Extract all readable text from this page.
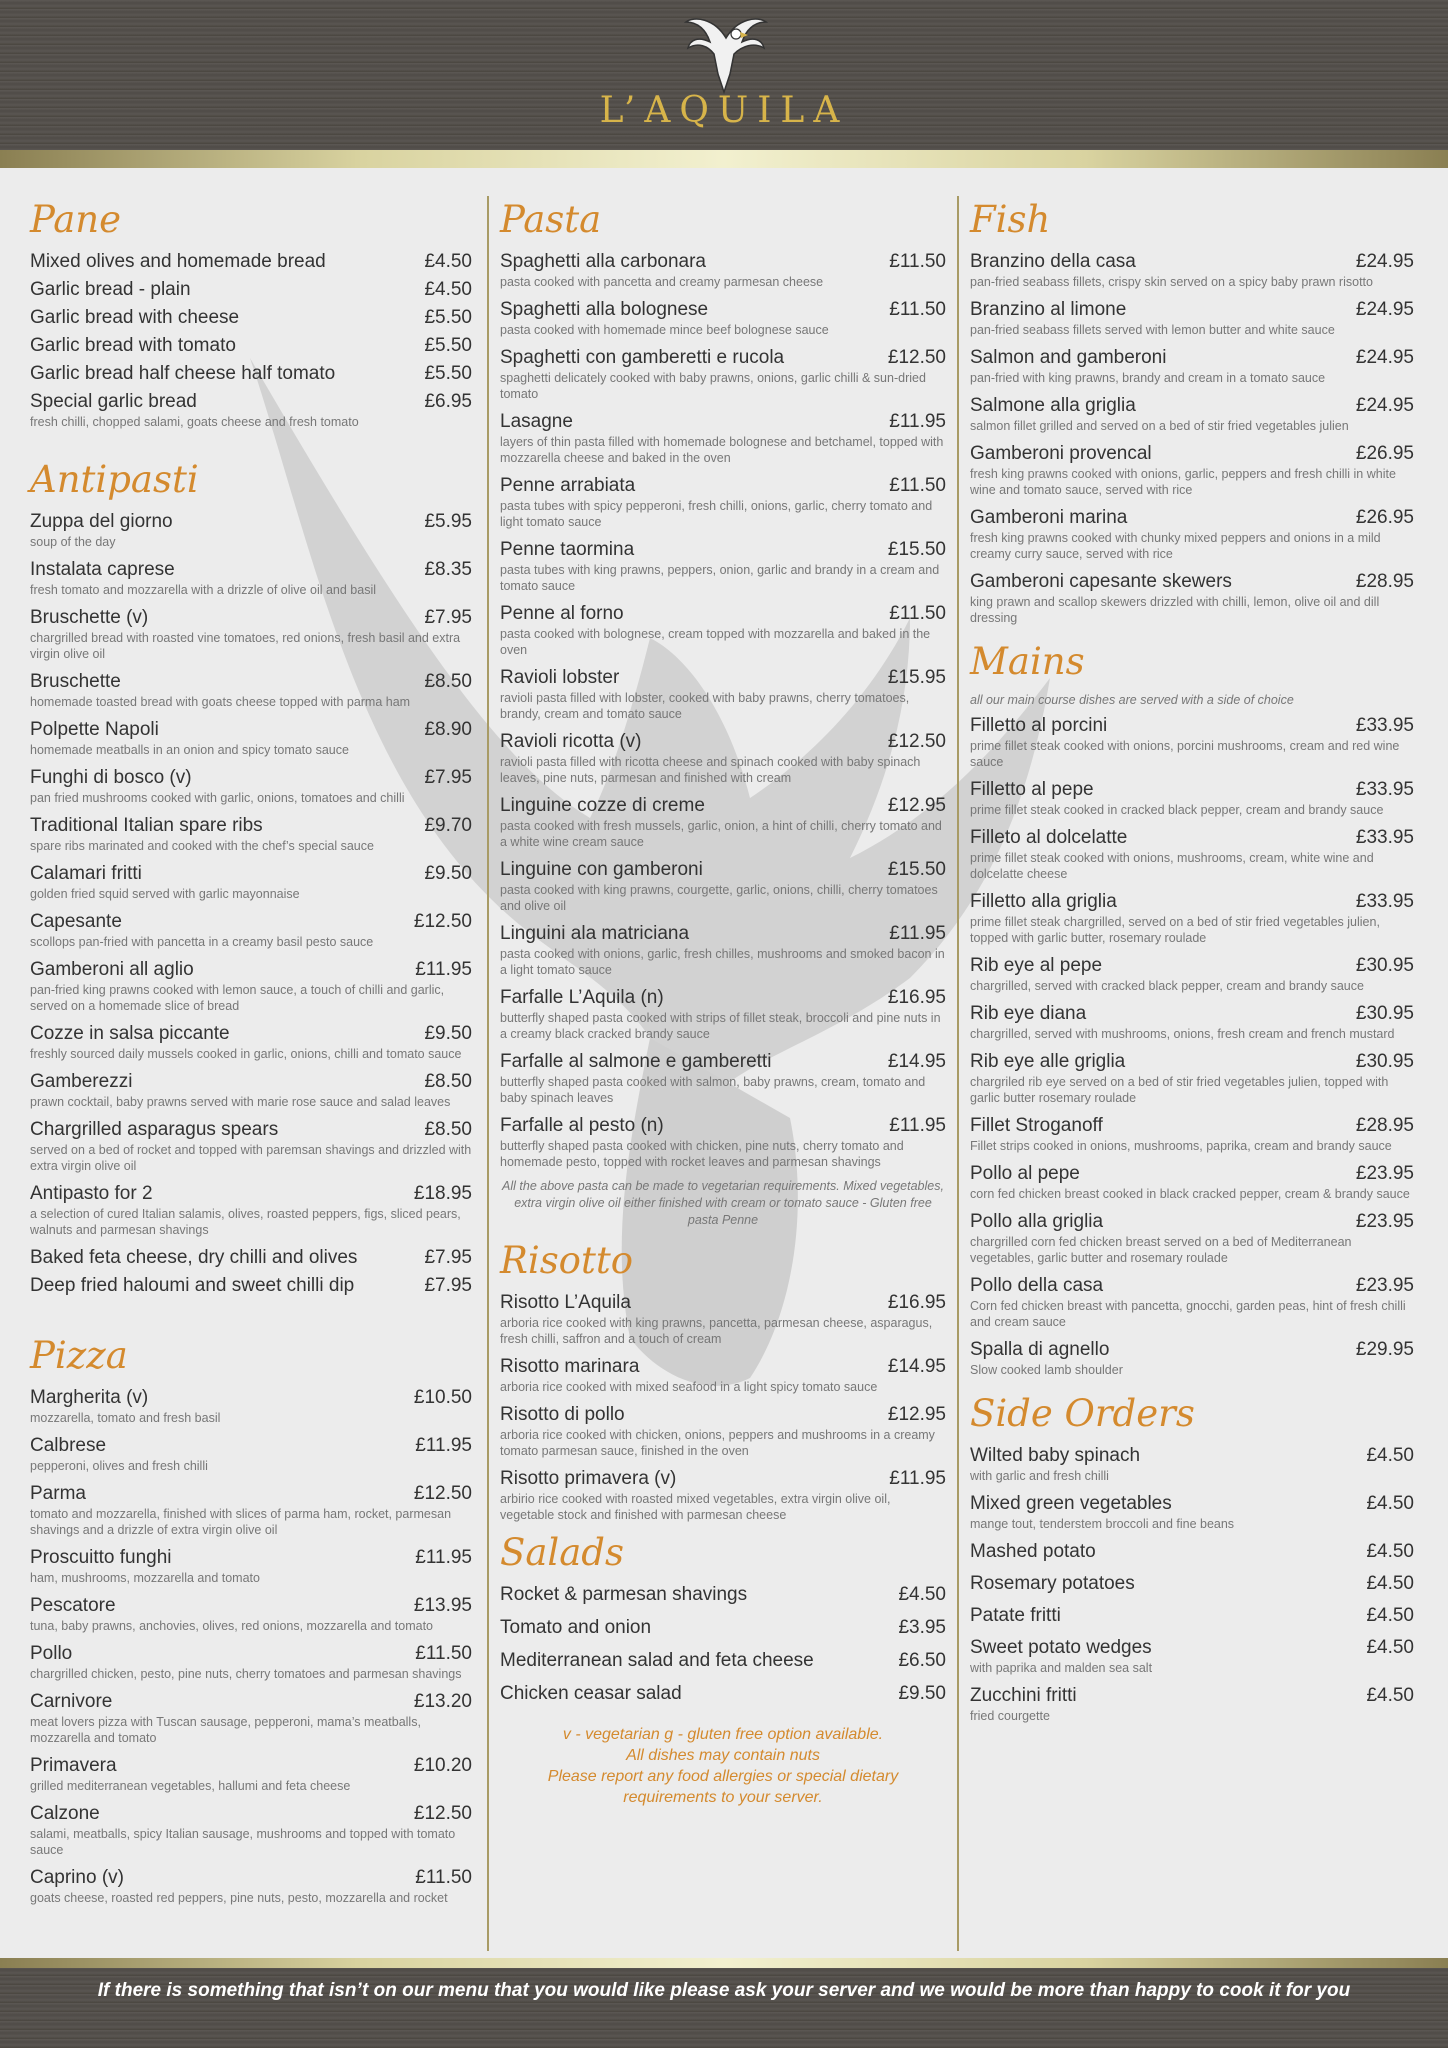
L’AQUILA
Pane
Mixed olives and homemade bread	£4.50
Garlic bread - plain	£4.50
Garlic bread with cheese	£5.50
Garlic bread with tomato	£5.50
Garlic bread half cheese half tomato	£5.50
Special garlic bread	£6.95
fresh chilli, chopped salami, goats cheese and fresh tomato
Antipasti
Zuppa del giorno	£5.95
soup of the day
Instalata caprese	£8.35
fresh tomato and mozzarella with a drizzle of olive oil and basil
Bruschette (v)	£7.95
chargrilled bread with roasted vine tomatoes, red onions, fresh basil and extra virgin olive oil
Bruschette	£8.50
homemade toasted bread with goats cheese topped with parma ham
Polpette Napoli	£8.90
homemade meatballs in an onion and spicy tomato sauce
Funghi di bosco (v)	£7.95
pan fried mushrooms cooked with garlic, onions, tomatoes and chilli
Traditional Italian spare ribs	£9.70
spare ribs marinated and cooked with the chef’s special sauce
Calamari fritti	£9.50
golden fried squid served with garlic mayonnaise
Capesante	£12.50
scollops pan-fried with pancetta in a creamy basil pesto sauce
Gamberoni all aglio	£11.95
pan-fried king prawns cooked with lemon sauce, a touch of chilli and garlic, served on a homemade slice of bread
Cozze in salsa piccante	£9.50
freshly sourced daily mussels cooked in garlic, onions, chilli and tomato sauce
Gamberezzi	£8.50
prawn cocktail, baby prawns served with marie rose sauce and salad leaves
Chargrilled asparagus spears	£8.50
served on a bed of rocket and topped with paremsan shavings and drizzled with extra virgin olive oil
Antipasto for 2	£18.95
a selection of cured Italian salamis, olives, roasted peppers, figs, sliced pears, walnuts and parmesan shavings
Baked feta cheese, dry chilli and olives	£7.95
Deep fried haloumi and sweet chilli dip	£7.95
Pizza
Margherita (v)	£10.50
mozzarella, tomato and fresh basil
Calbrese	£11.95
pepperoni, olives and fresh chilli
Parma	£12.50
tomato and mozzarella, finished with slices of parma ham, rocket, parmesan shavings and a drizzle of extra virgin olive oil
Proscuitto funghi	£11.95
ham, mushrooms, mozzarella and tomato
Pescatore	£13.95
tuna, baby prawns, anchovies, olives, red onions, mozzarella and tomato
Pollo	£11.50
chargrilled chicken, pesto, pine nuts, cherry tomatoes and parmesan shavings
Carnivore	£13.20
meat lovers pizza with Tuscan sausage, pepperoni, mama’s meatballs, mozzarella and tomato
Primavera	£10.20
grilled mediterranean vegetables, hallumi and feta cheese
Calzone	£12.50
salami, meatballs, spicy Italian sausage, mushrooms and topped with tomato sauce
Caprino (v)	£11.50
goats cheese, roasted red peppers, pine nuts, pesto, mozzarella and rocket
Pasta
Spaghetti alla carbonara	£11.50
pasta cooked with pancetta and creamy parmesan cheese
Spaghetti alla bolognese	£11.50
pasta cooked with homemade mince beef bolognese sauce
Spaghetti con gamberetti e rucola	£12.50
spaghetti delicately cooked with baby prawns, onions, garlic chilli & sun-dried tomato
Lasagne	£11.95
layers of thin pasta filled with homemade bolognese and betchamel, topped with mozzarella cheese and baked in the oven
Penne arrabiata	£11.50
pasta tubes with spicy pepperoni, fresh chilli, onions, garlic, cherry tomato and light tomato sauce
Penne taormina	£15.50
pasta tubes with king prawns, peppers, onion, garlic and brandy in a cream and tomato sauce
Penne al forno	£11.50
pasta cooked with bolognese, cream topped with mozzarella and baked in the oven
Ravioli lobster	£15.95
ravioli pasta filled with lobster, cooked with baby prawns, cherry tomatoes, brandy, cream and tomato sauce
Ravioli ricotta (v)	£12.50
ravioli pasta filled with ricotta cheese and spinach cooked with baby spinach leaves, pine nuts, parmesan and finished with cream
Linguine cozze di creme	£12.95
pasta cooked with fresh mussels, garlic, onion, a hint of chilli, cherry tomato and a white wine cream sauce
Linguine con gamberoni	£15.50
pasta cooked with king prawns, courgette, garlic, onions, chilli, cherry tomatoes and olive oil
Linguini ala matriciana	£11.95
pasta cooked with onions, garlic, fresh chilles, mushrooms and smoked bacon in a light tomato sauce
Farfalle L’Aquila (n)	£16.95
butterfly shaped pasta cooked with strips of fillet steak, broccoli and pine nuts in a creamy black cracked brandy sauce
Farfalle al salmone e gamberetti	£14.95
butterfly shaped pasta cooked with salmon, baby prawns, cream, tomato and baby spinach leaves
Farfalle al pesto (n)	£11.95
butterfly shaped pasta cooked with chicken, pine nuts, cherry tomato and homemade pesto, topped with rocket leaves and parmesan shavings
All the above pasta can be made to vegetarian requirements. Mixed vegetables, extra virgin olive oil either finished with cream or tomato sauce - Gluten free pasta Penne
Risotto
Risotto L’Aquila	£16.95
arboria rice cooked with king prawns, pancetta, parmesan cheese, asparagus, fresh chilli, saffron and a touch of cream
Risotto marinara	£14.95
arboria rice cooked with mixed seafood in a light spicy tomato sauce
Risotto di pollo	£12.95
arboria rice cooked with chicken, onions, peppers and mushrooms in a creamy tomato parmesan sauce, finished in the oven
Risotto primavera (v)	£11.95
arbirio rice cooked with roasted mixed vegetables, extra virgin olive oil, vegetable stock and finished with parmesan cheese
Salads
Rocket & parmesan shavings	£4.50
Tomato and onion	£3.95
Mediterranean salad and feta cheese	£6.50
Chicken ceasar salad	£9.50
v - vegetarian g - gluten free option available.
All dishes may contain nuts
Please report any food allergies or special dietary
requirements to your server.
Fish
Branzino della casa	£24.95
pan-fried seabass fillets, crispy skin served on a spicy baby prawn risotto
Branzino al limone	£24.95
pan-fried seabass fillets served with lemon butter and white sauce
Salmon and gamberoni	£24.95
pan-fried with king prawns, brandy and cream in a tomato sauce
Salmone alla griglia	£24.95
salmon fillet grilled and served on a bed of stir fried vegetables julien
Gamberoni provencal	£26.95
fresh king prawns cooked with onions, garlic, peppers and fresh chilli in white wine and tomato sauce, served with rice
Gamberoni marina	£26.95
fresh king prawns cooked with chunky mixed peppers and onions in a mild creamy curry sauce, served with rice
Gamberoni capesante skewers	£28.95
king prawn and scallop skewers drizzled with chilli, lemon, olive oil and dill dressing
Mains
all our main course dishes are served with a side of choice
Filletto al porcini	£33.95
prime fillet steak cooked with onions, porcini mushrooms, cream and red wine sauce
Filletto al pepe	£33.95
prime fillet steak cooked in cracked black pepper, cream and brandy sauce
Filleto al dolcelatte	£33.95
prime fillet steak cooked with onions, mushrooms, cream, white wine and dolcelatte cheese
Filletto alla griglia	£33.95
prime fillet steak chargrilled, served on a bed of stir fried vegetables julien, topped with garlic butter, rosemary roulade
Rib eye al pepe	£30.95
chargrilled, served with cracked black pepper, cream and brandy sauce
Rib eye diana	£30.95
chargrilled, served with mushrooms, onions, fresh cream and french mustard
Rib eye alle griglia	£30.95
chargriled rib eye served on a bed of stir fried vegetables julien, topped with garlic butter rosemary roulade
Fillet Stroganoff	£28.95
Fillet strips cooked in onions, mushrooms, paprika, cream and brandy sauce
Pollo al pepe	£23.95
corn fed chicken breast cooked in black cracked pepper, cream & brandy sauce
Pollo alla griglia	£23.95
chargrilled corn fed chicken breast served on a bed of Mediterranean vegetables, garlic butter and rosemary roulade
Pollo della casa	£23.95
Corn fed chicken breast with pancetta, gnocchi, garden peas, hint of fresh chilli and cream sauce
Spalla di agnello	£29.95
Slow cooked lamb shoulder
Side Orders
Wilted baby spinach	£4.50
with garlic and fresh chilli
Mixed green vegetables	£4.50
mange tout, tenderstem broccoli and fine beans
Mashed potato	£4.50
Rosemary potatoes	£4.50
Patate fritti	£4.50
Sweet potato wedges	£4.50
with paprika and malden sea salt
Zucchini fritti	£4.50
fried courgette
If there is something that isn’t on our menu that you would like please ask your server and we would be more than happy to cook it for you
